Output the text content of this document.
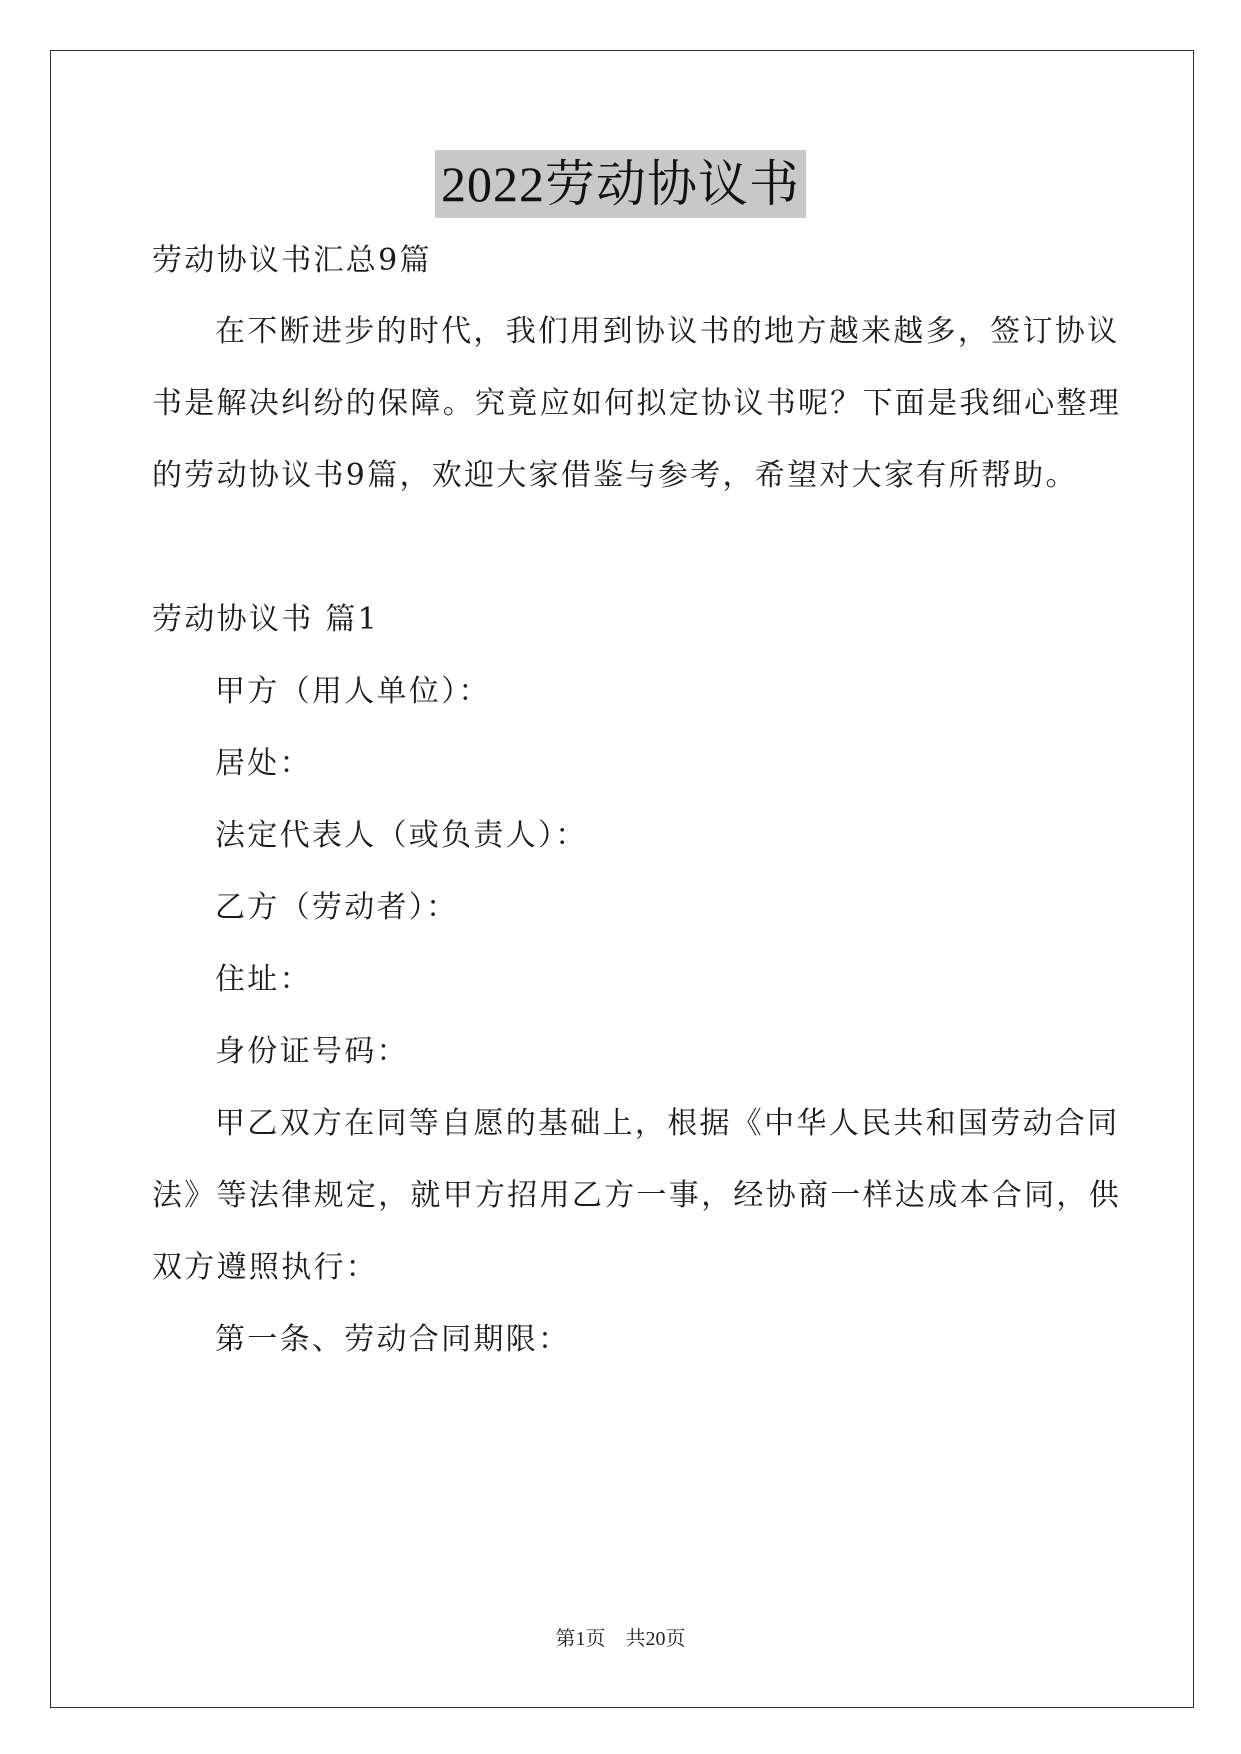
2022劳动协议书
劳动协议书汇总9篇
在不断进步的时代，我们用到协议书的地方越来越多，签订协议
书是解决纠纷的保障。究竟应如何拟定协议书呢？下面是我细心整理
的劳动协议书9篇，欢迎大家借鉴与参考，希望对大家有所帮助。
劳动协议书 篇1
甲方（用人单位）：
居处：
法定代表人（或负责人）：
乙方（劳动者）：
住址：
身份证号码：
甲乙双方在同等自愿的基础上，根据《中华人民共和国劳动合同
法》等法律规定，就甲方招用乙方一事，经协商一样达成本合同，供
双方遵照执行：
第一条、劳动合同期限：
第1页　共20页
